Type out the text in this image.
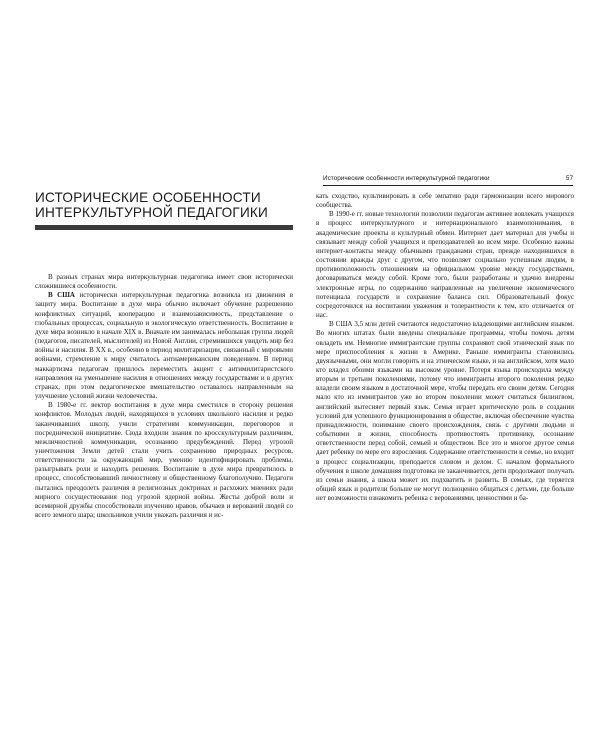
Исторические особенности интеркультурной педагогики	57
ИСТОРИЧЕСКИЕ ОСОБЕННОСТИ
ИНТЕРКУЛЬТУРНОЙ ПЕДАГОГИКИ

В разных странах мира интеркультурная педагогика имеет свои исторически сложившиеся особенности.

В США исторически интеркультурная педагогика возникла из движения в защиту мира. Воспитание в духе мира обычно включает обучение разрешению конфликтных ситуаций, кооперацию и взаимозависимость, представление о глобальных процессах, социальную и экологическую ответственность. Воспитание в духе мира возникло в начале XIX в. Вначале им занималась небольшая группа людей (педагогов, писателей, мыслителей) из Новой Англии, стремившихся увидеть мир без войны и насилия. В XX в., особенно в период милитаризации, связанный с мировыми войнами, стремление к миру считалось антиамериканским поведением. В период маккартизма педагогам пришлось переместить акцент с антимилитаристского направления на уменьшение насилия в отношениях между государствами и в других странах, при этом педагогическое вмешательство оставалось направленным на улучшение условий жизни человечества.

В 1980-е гг. вектор воспитания в духе мира сместился в сторону решения конфликтов. Молодых людей, находящихся в условиях школьного насилия и редко заканчивавших школу, учили стратегиям коммуникации, переговоров и посреднической инициативе. Сюда входили знания по кросскультурным различиям, межличностной коммуникации, осознанию предубеждений. Перед угрозой уничтожения Земли детей стали учить сохранению природных ресурсов, ответственности за окружающий мир, умению идентифицировать проблемы, разыгрывать роли и находить решения. Воспитание в духе мира превратилось в процесс, способствовавший личностному и общественному благополучию. Педагоги пытались преодолеть различия в религиозных доктринах и расхожих мнениях ради мирного сосуществования под угрозой ядерной войны. Жесты доброй воли и всемирной дружбы способствовали изучению нравов, обычаев и верований людей со всего земного шара; школьников учили уважать различия и ис-

кать сходство, культивировать в себе эмпатию ради гармонизации всего мирового сообщества.

В 1990-е гг. новые технологии позволили педагогам активнее вовлекать учащихся в процесс интеркультурного и интернационального взаимопонимания, в академические проекты и культурный обмен. Интернет дает материал для учебы и связывает между собой учащихся и преподавателей во всем мире. Особенно важны интернет-контакты между обычными гражданами стран, прежде находившихся в состоянии вражды друг с другом, что позволяет социально успешным людям, в противоположность отношениям на официальном уровне между государствами, договариваться между собой. Кроме того, были разработаны и удачно внедрены электронные игры, по содержанию направленные на увеличение экономического потенциала государств и сохранение баланса сил. Образовательный фокус сосредоточился на воспитании уважения и толерантности к тем, кто отличается от нас.

В США 3,5 млн детей считаются недостаточно владеющими английским языком. Во многих штатах были введены специальные программы, чтобы помочь детям овладеть им. Немногие иммигрантские группы сохраняют свой этнический язык по мере приспособления к жизни в Америке. Раньше иммигранты становились двуязычными, они могли говорить и на этническом языке, и на английском, хотя мало кто владел обоими языками на высоком уровне. Потеря языка происходила между вторым и третьим поколениями, потому что иммигранты второго поколения редко владели своим языком в достаточной мере, чтобы передать его своим детям. Сегодня мало кто из иммигрантов уже во втором поколении может считаться билингвом, английский вытесняет первый язык. Семья играет критическую роль в создании условий для успешного функционирования в обществе, включая обеспечение чувства принадлежности, понимание своего происхождения, связь с другими людьми и событиями в жизни, способность противостоять противнику, осознание ответственности перед собой, семьей и обществом. Все это и многое другое семья дает ребенку по мере его взросления. Содержание ответственности в семье, но входит в процесс социализации, преподается словом и делом. С началом формального обучения в школе домашняя подготовка не заканчивается, дети продолжают получать из семьи знания, а школа может их подхватить и развить. В семьях, где теряется общий язык и родители больше не могут полноценно общаться с детьми, где больше нет возможности ознакомить ребенка с верованиями, ценностями и ба-
